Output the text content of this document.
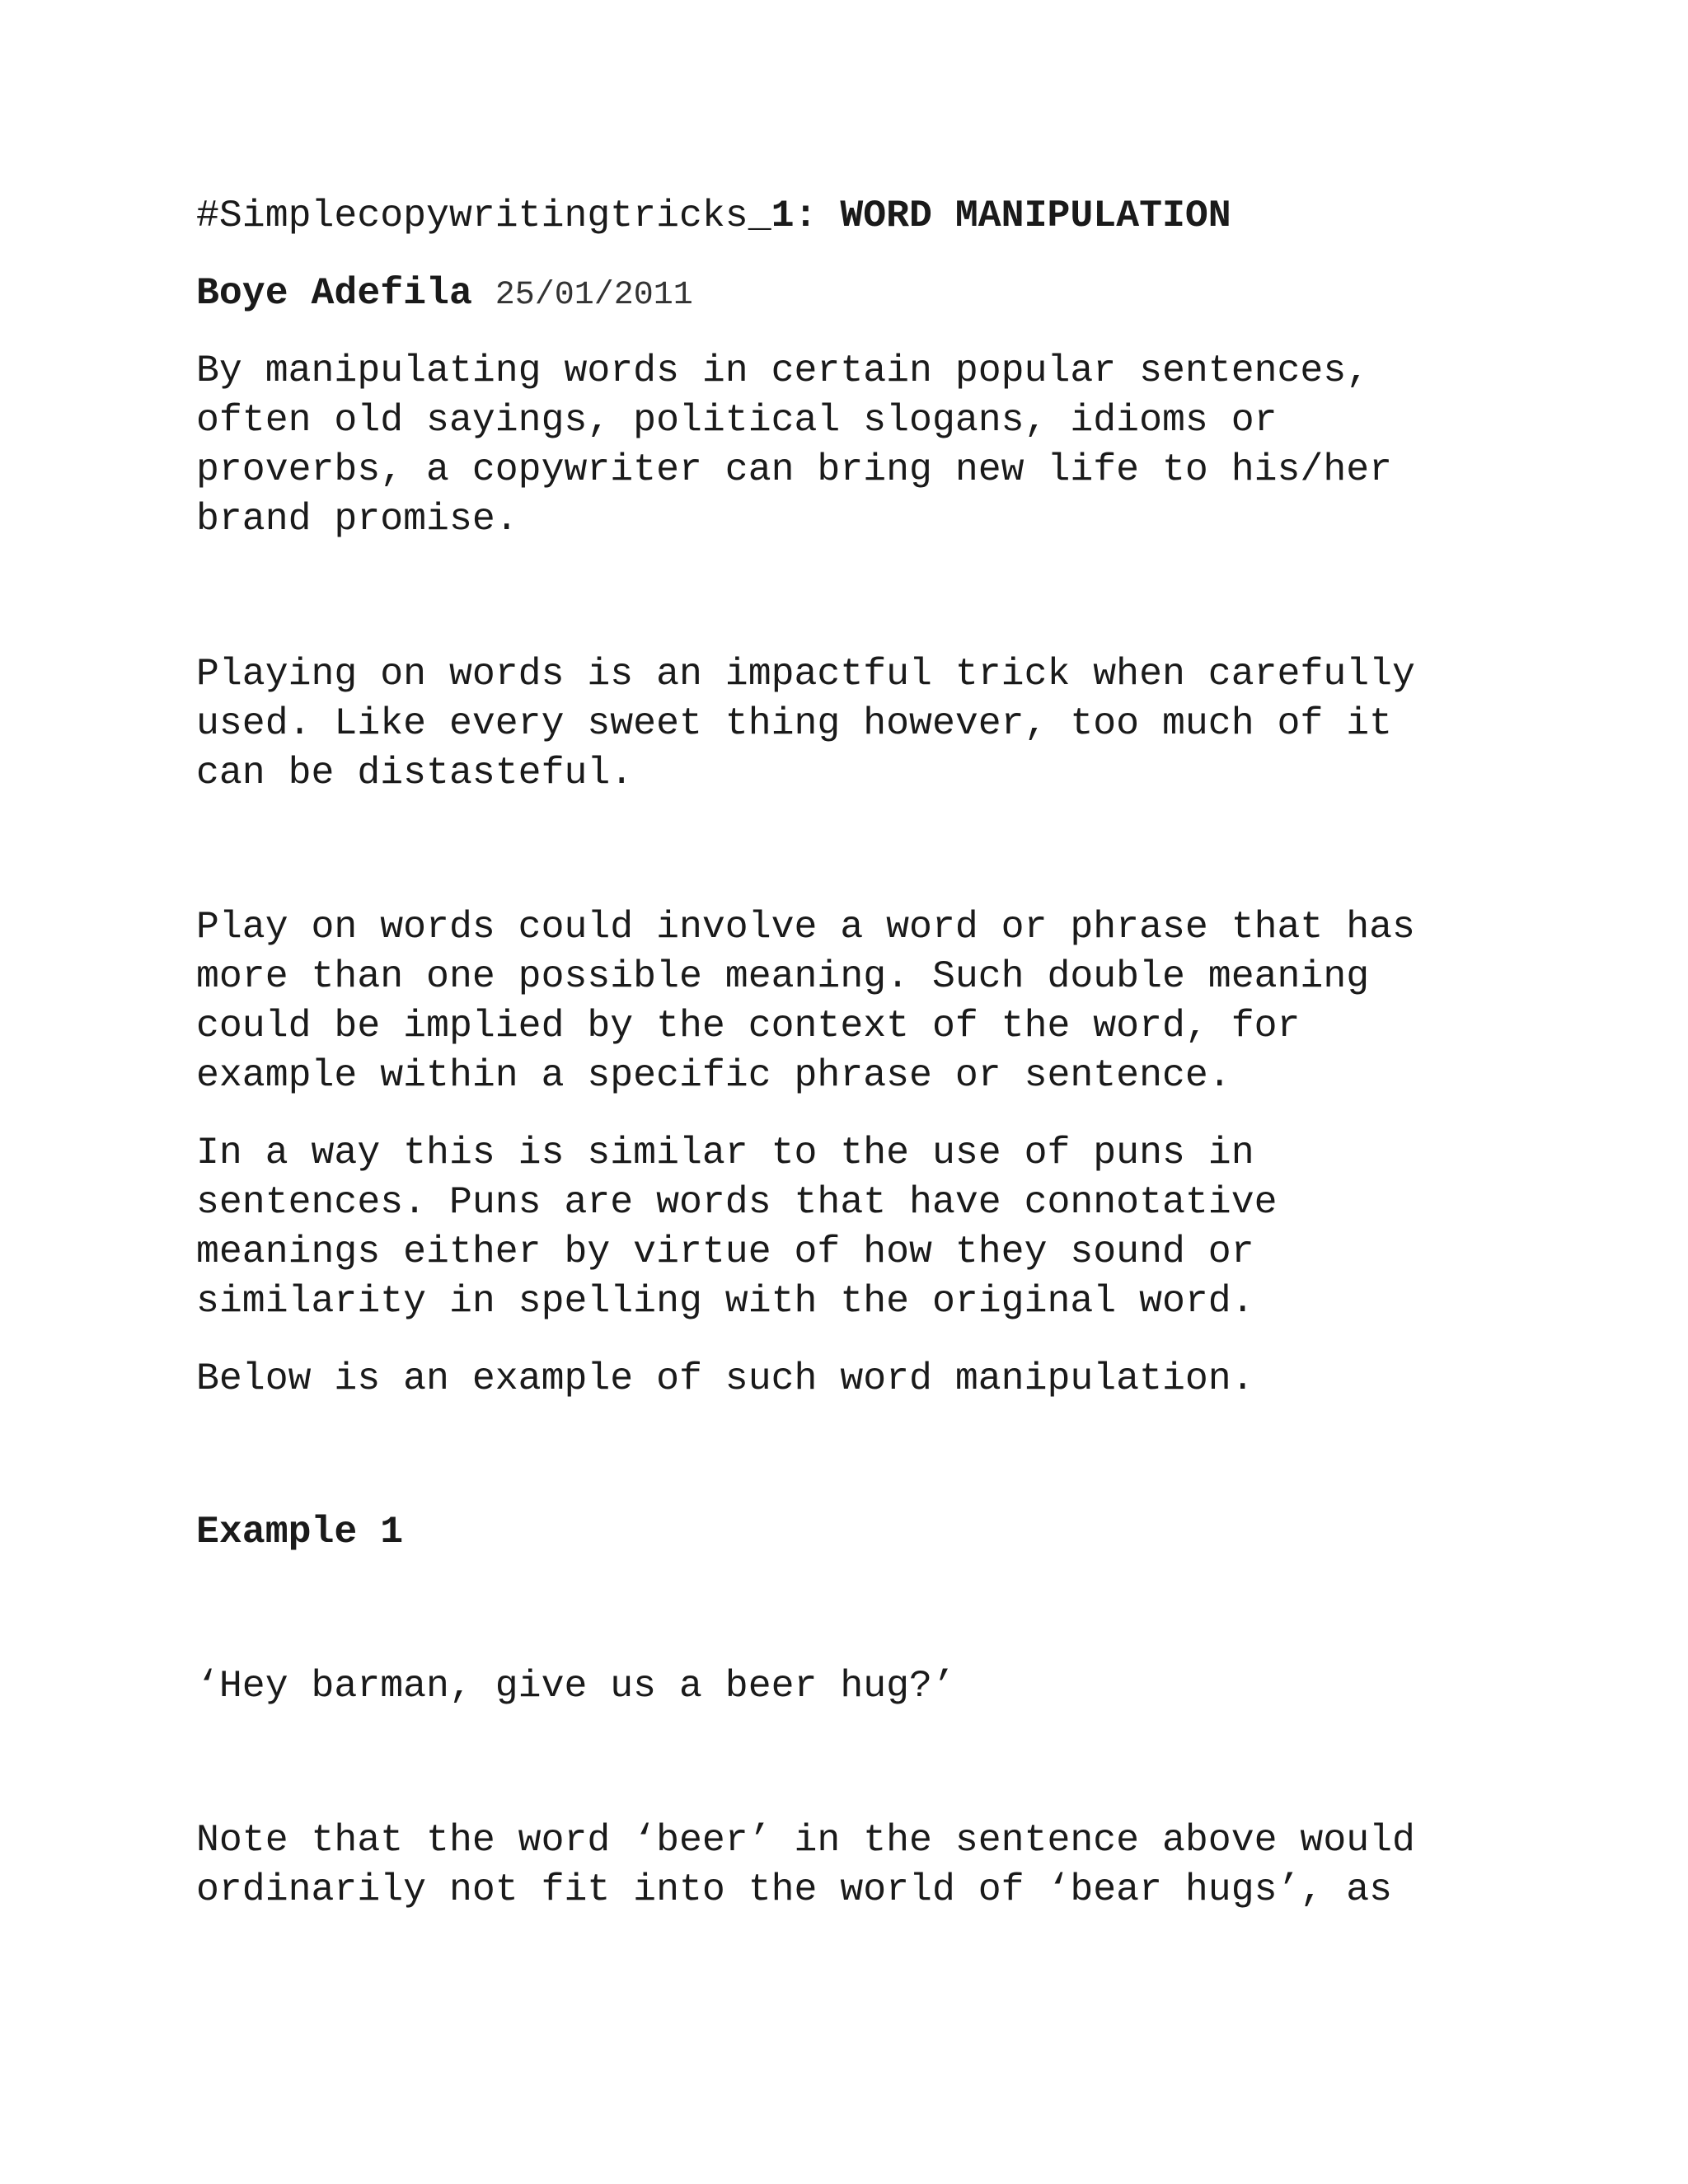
#Simplecopywritingtricks_1: WORD MANIPULATION
Boye Adefila 25/01/2011
By manipulating words in certain popular sentences,
often old sayings, political slogans, idioms or
proverbs, a copywriter can bring new life to his/her
brand promise.
Playing on words is an impactful trick when carefully
used. Like every sweet thing however, too much of it
can be distasteful.
Play on words could involve a word or phrase that has
more than one possible meaning. Such double meaning
could be implied by the context of the word, for
example within a specific phrase or sentence.
In a way this is similar to the use of puns in
sentences. Puns are words that have connotative
meanings either by virtue of how they sound or
similarity in spelling with the original word.
Below is an example of such word manipulation.
Example 1
‘Hey barman, give us a beer hug?’
Note that the word ‘beer’ in the sentence above would
ordinarily not fit into the world of ‘bear hugs’, as
